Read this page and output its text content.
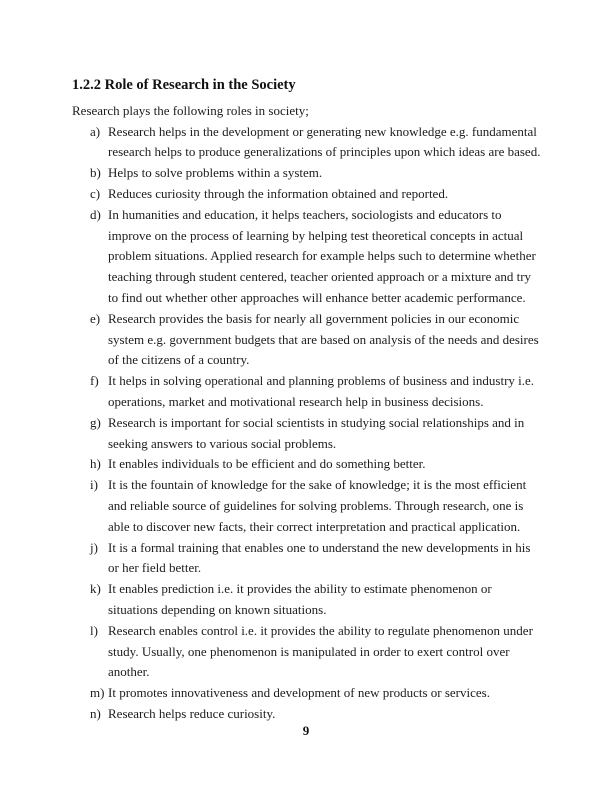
1.2.2 Role of Research in the Society

Research plays the following roles in society;

a) Research helps in the development or generating new knowledge e.g. fundamental research helps to produce generalizations of principles upon which ideas are based.
b) Helps to solve problems within a system.
c) Reduces curiosity through the information obtained and reported.
d) In humanities and education, it helps teachers, sociologists and educators to improve on the process of learning by helping test theoretical concepts in actual problem situations. Applied research for example helps such to determine whether teaching through student centered, teacher oriented approach or a mixture and try to find out whether other approaches will enhance better academic performance.
e) Research provides the basis for nearly all government policies in our economic system e.g. government budgets that are based on analysis of the needs and desires of the citizens of a country.
f) It helps in solving operational and planning problems of business and industry i.e. operations, market and motivational research help in business decisions.
g) Research is important for social scientists in studying social relationships and in seeking answers to various social problems.
h) It enables individuals to be efficient and do something better.
i) It is the fountain of knowledge for the sake of knowledge; it is the most efficient and reliable source of guidelines for solving problems. Through research, one is able to discover new facts, their correct interpretation and practical application.
j) It is a formal training that enables one to understand the new developments in his or her field better.
k) It enables prediction i.e. it provides the ability to estimate phenomenon or situations depending on known situations.
l) Research enables control i.e. it provides the ability to regulate phenomenon under study. Usually, one phenomenon is manipulated in order to exert control over another.
m) It promotes innovativeness and development of new products or services.
n) Research helps reduce curiosity.
9
